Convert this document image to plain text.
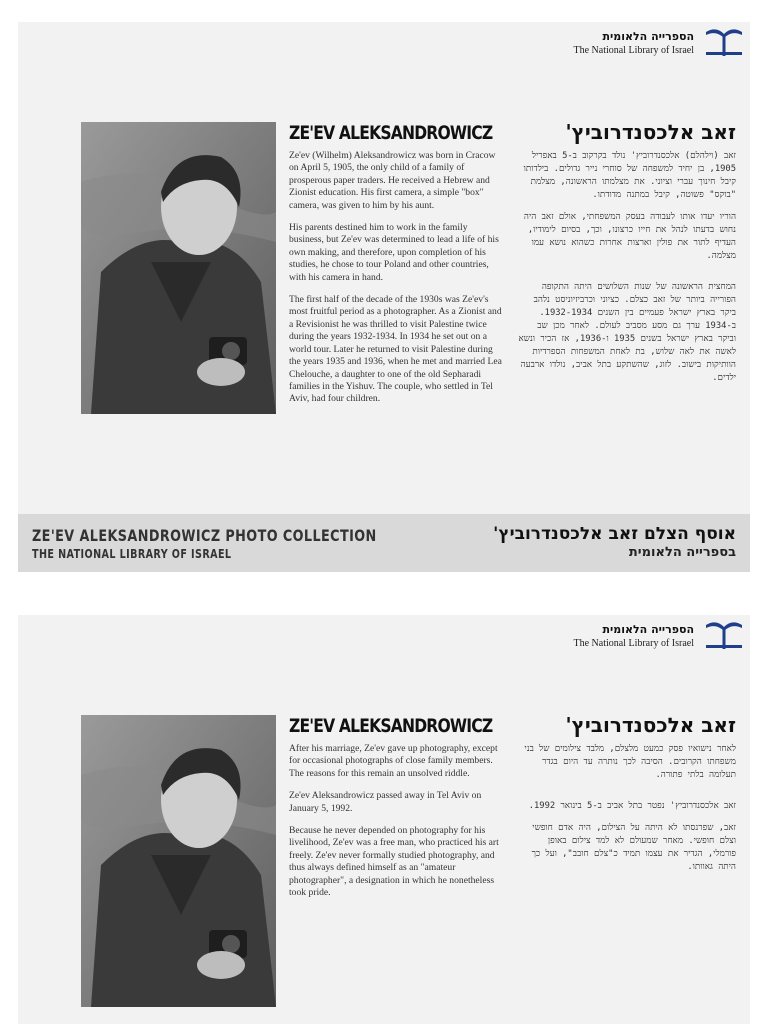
הספרייה הלאומית
The National Library of Israel
ZE'EV ALEKSANDROWICZ

Ze'ev (Wilhelm) Aleksandrowicz was born in Cracow on April 5, 1905, the only child of a family of prosperous paper traders. He received a Hebrew and Zionist education. His first camera, a simple "box" camera, was given to him by his aunt.

His parents destined him to work in the family business, but Ze'ev was determined to lead a life of his own making, and therefore, upon completion of his studies, he chose to tour Poland and other countries, with his camera in hand.

The first half of the decade of the 1930s was Ze'ev's most fruitful period as a photographer. As a Zionist and a Revisionist he was thrilled to visit Palestine twice during the years 1932-1934. In 1934 he set out on a world tour. Later he returned to visit Palestine during the years 1935 and 1936, when he met and married Lea Chelouche, a daughter to one of the old Sepharadi families in the Yishuv. The couple, who settled in Tel Aviv, had four children.

זאב אלכסנדרוביץ'

זאב (וילהלם) אלכסנדרוביץ' נולד בקרקוב ב-5 באפריל 1905, בן יחיד למשפחה של סוחרי נייר גדולים. בילדותו קיבל חינוך עברי וציוני. את מצלמתו הראשונה, מצלמת "בוקס" פשוטה, קיבל במתנה מדודתו.

הוריו יעדו אותו לעבודה בעסק המשפחתי, אולם זאב היה נחוש בדעתו לנהל את חייו כרצונו, וכך, בסיום לימודיו, העדיף לתור את פולין וארצות אחרות כשהוא נושא עמו מצלמה.

המחצית הראשונה של שנות השלושים היתה התקופה הפורייה ביותר של זאב כצלם. כציוני וכרביזיוניסט נלהב ביקר בארץ ישראל פעמיים בין השנים 1932-1934. ב-1934 ערך גם מסע מסביב לעולם. לאחר מכן שב וביקר בארץ ישראל בשנים 1935 ו-1936, אז הכיר ונשא לאשה את לאה שלוש, בת לאחת המשפחות הספרדיות הוותיקות בישוב. לזוג, שהשתקע בתל אביב, נולדו ארבעה ילדים.

ZE'EV ALEKSANDROWICZ PHOTO COLLECTION
THE NATIONAL LIBRARY OF ISRAEL
אוסף הצלם זאב אלכסנדרוביץ'
בספרייה הלאומית
הספרייה הלאומית
The National Library of Israel
ZE'EV ALEKSANDROWICZ

After his marriage, Ze'ev gave up photography, except for occasional photographs of close family members. The reasons for this remain an unsolved riddle.

Ze'ev Aleksandrowicz passed away in Tel Aviv on January 5, 1992.

Because he never depended on photography for his livelihood, Ze'ev was a free man, who practiced his art freely. Ze'ev never formally studied photography, and thus always defined himself as an "amateur photographer", a designation in which he nonetheless took pride.

זאב אלכסנדרוביץ'

לאחר נישואיו פסק כמעט מלצלם, מלבד צילומים של בני משפחתו הקרובים. הסיבה לכך נותרה עד היום בגדר תעלומה בלתי פתורה.

זאב אלכסנדרוביץ' נפטר בתל אביב ב-5 בינואר 1992.

זאב, שפרנסתו לא היתה על הצילום, היה אדם חופשי וצלם חופשי. מאחר שמעולם לא למד צילום באופן פורמלי, הגדיר את עצמו תמיד כ"צלם חובב", ועל כך היתה גאוותו.
